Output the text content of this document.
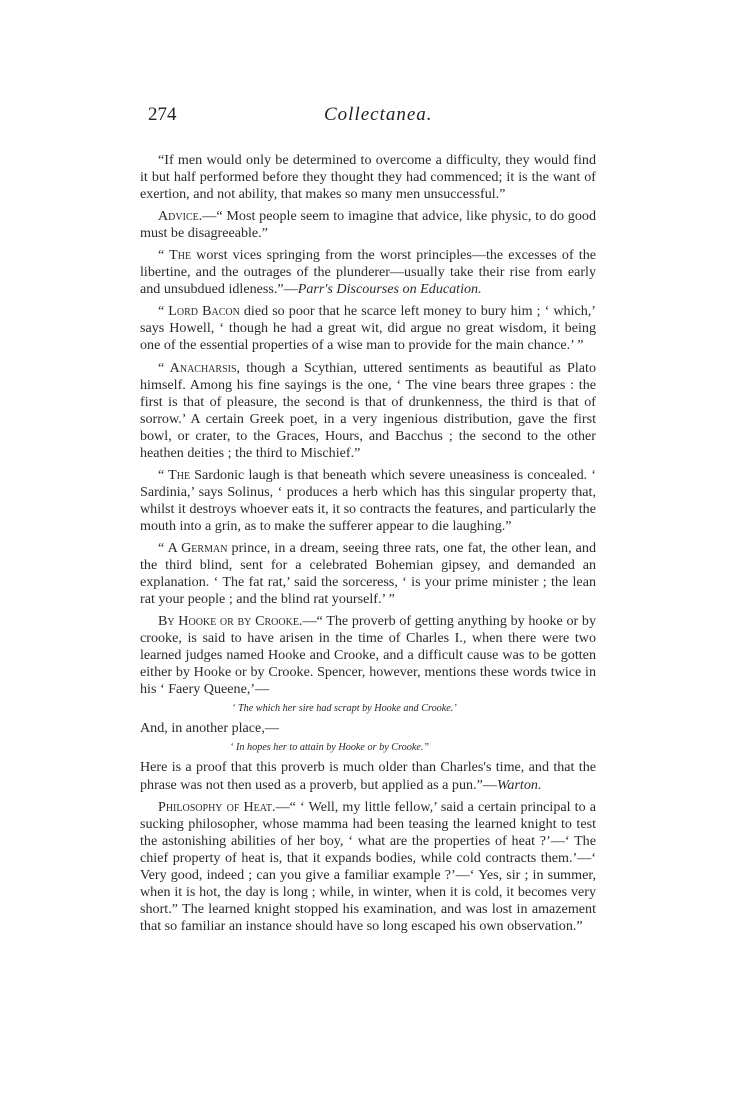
274	Collectanea.

“If men would only be determined to overcome a difficulty, they would find it but half performed before they thought they had commenced; it is the want of exertion, and not ability, that makes so many men unsuccessful.”

Advice.—“ Most people seem to imagine that advice, like physic, to do good must be disagreeable.”

“ The worst vices springing from the worst principles—the excesses of the libertine, and the outrages of the plunderer—usually take their rise from early and unsubdued idleness.”—Parr's Discourses on Education.

“ Lord Bacon died so poor that he scarce left money to bury him ; ‘ which,’ says Howell, ‘ though he had a great wit, did argue no great wisdom, it being one of the essential properties of a wise man to provide for the main chance.’ ”

“ Anacharsis, though a Scythian, uttered sentiments as beautiful as Plato himself. Among his fine sayings is the one, ‘ The vine bears three grapes : the first is that of pleasure, the second is that of drunkenness, the third is that of sorrow.’ A certain Greek poet, in a very ingenious distribution, gave the first bowl, or crater, to the Graces, Hours, and Bacchus ; the second to the other heathen deities ; the third to Mischief.”

“ The Sardonic laugh is that beneath which severe uneasiness is concealed. ‘ Sardinia,’ says Solinus, ‘ produces a herb which has this singular property that, whilst it destroys whoever eats it, it so contracts the features, and particularly the mouth into a grin, as to make the sufferer appear to die laughing.”

“ A German prince, in a dream, seeing three rats, one fat, the other lean, and the third blind, sent for a celebrated Bohemian gipsey, and demanded an explanation. ‘ The fat rat,’ said the sorceress, ‘ is your prime minister ; the lean rat your people ; and the blind rat yourself.’ ”

By Hooke or by Crooke.—“ The proverb of getting anything by hooke or by crooke, is said to have arisen in the time of Charles I., when there were two learned judges named Hooke and Crooke, and a difficult cause was to be gotten either by Hooke or by Crooke. Spencer, however, mentions these words twice in his ‘ Faery Queene,’—

‘ The which her sire had scrapt by Hooke and Crooke.’

And, in another place,—

‘ In hopes her to attain by Hooke or by Crooke.”

Here is a proof that this proverb is much older than Charles's time, and that the phrase was not then used as a proverb, but applied as a pun.”—Warton.

Philosophy of Heat.—“ ‘ Well, my little fellow,’ said a certain principal to a sucking philosopher, whose mamma had been teasing the learned knight to test the astonishing abilities of her boy, ‘ what are the properties of heat ?’—‘ The chief property of heat is, that it expands bodies, while cold contracts them.’—‘ Very good, indeed ; can you give a familiar example ?’—‘ Yes, sir ; in summer, when it is hot, the day is long ; while, in winter, when it is cold, it becomes very short.” The learned knight stopped his examination, and was lost in amazement that so familiar an instance should have so long escaped his own observation.”
